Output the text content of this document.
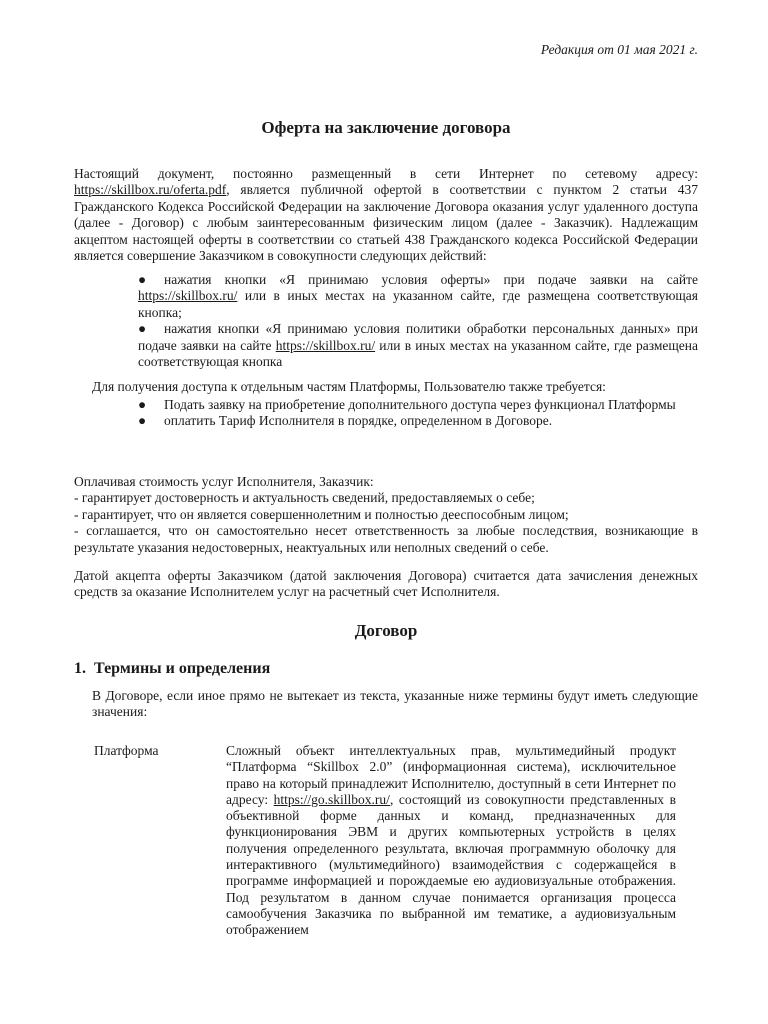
Редакция от 01 мая 2021 г.
Оферта на заключение договора

Настоящий документ, постоянно размещенный в сети Интернет по сетевому адресу: https://skillbox.ru/oferta.pdf, является публичной офертой в соответствии с пунктом 2 статьи 437 Гражданского Кодекса Российской Федерации на заключение Договора оказания услуг удаленного доступа (далее - Договор) с любым заинтересованным физическим лицом (далее - Заказчик). Надлежащим акцептом настоящей оферты в соответствии со статьей 438 Гражданского кодекса Российской Федерации является совершение Заказчиком в совокупности следующих действий:

● нажатия кнопки «Я принимаю условия оферты» при подаче заявки на сайте https://skillbox.ru/ или в иных местах на указанном сайте, где размещена соответствующая кнопка;
● нажатия кнопки «Я принимаю условия политики обработки персональных данных» при подаче заявки на сайте https://skillbox.ru/ или в иных местах на указанном сайте, где размещена соответствующая кнопка

Для получения доступа к отдельным частям Платформы, Пользователю также требуется:

● Подать заявку на приобретение дополнительного доступа через функционал Платформы
● оплатить Тариф Исполнителя в порядке, определенном в Договоре.
Оплачивая стоимость услуг Исполнителя, Заказчик:
- гарантирует достоверность и актуальность сведений, предоставляемых о себе;
- гарантирует, что он является совершеннолетним и полностью дееспособным лицом;
- соглашается, что он самостоятельно несет ответственность за любые последствия, возникающие в результате указания недостоверных, неактуальных или неполных сведений о себе.

Датой акцепта оферты Заказчиком (датой заключения Договора) считается дата зачисления денежных средств за оказание Исполнителем услуг на расчетный счет Исполнителя.

Договор
1. Термины и определения

В Договоре, если иное прямо не вытекает из текста, указанные ниже термины будут иметь следующие значения:

Платформа	Сложный объект интеллектуальных прав, мультимедийный продукт “Платформа “Skillbox 2.0” (информационная система), исключительное право на который принадлежит Исполнителю, доступный в сети Интернет по адресу: https://go.skillbox.ru/, состоящий из совокупности представленных в объективной форме данных и команд, предназначенных для функционирования ЭВМ и других компьютерных устройств в целях получения определенного результата, включая программную оболочку для интерактивного (мультимедийного) взаимодействия с содержащейся в программе информацией и порождаемые ею аудиовизуальные отображения. Под результатом в данном случае понимается организация процесса самообучения Заказчика по выбранной им тематике, а аудиовизуальным отображением
